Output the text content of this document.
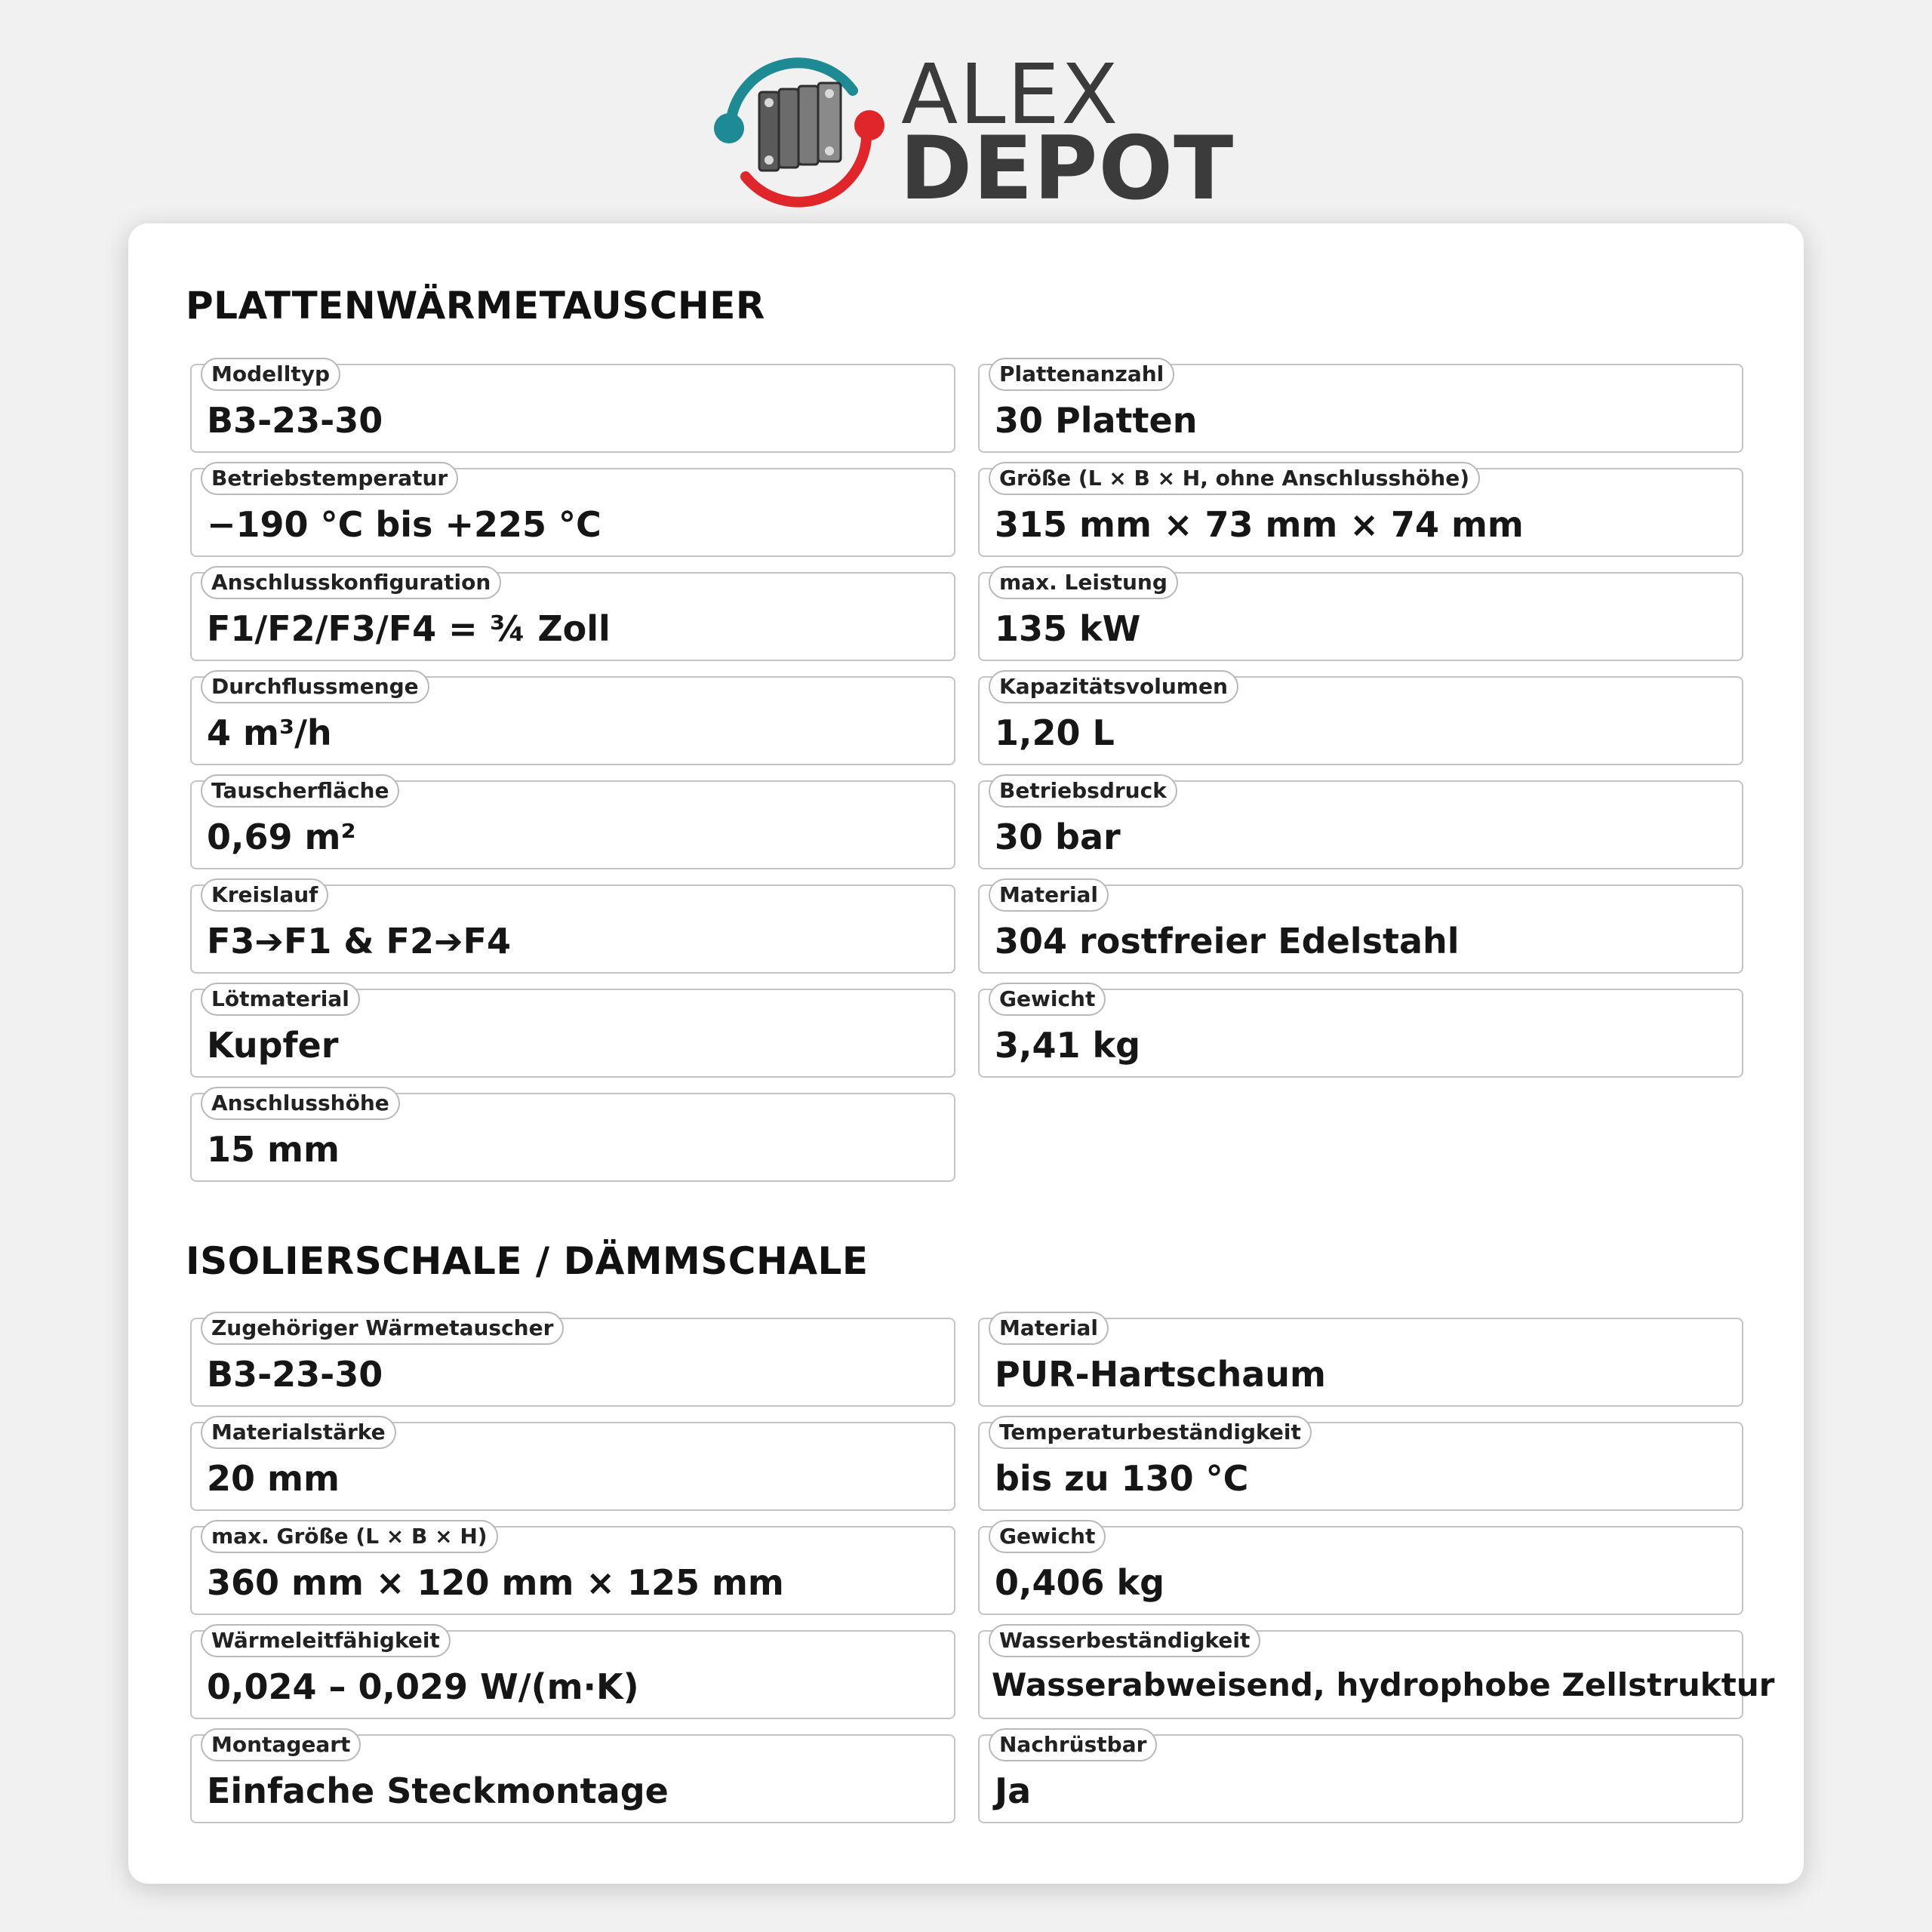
ALEX
DEPOT
PLATTENWÄRMETAUSCHER
Modelltyp
B3-23-30
Plattenanzahl
30 Platten
Betriebstemperatur
−190 °C bis +225 °C
Größe (L × B × H, ohne Anschlusshöhe)
315 mm × 73 mm × 74 mm
Anschlusskonfiguration
F1/F2/F3/F4 = ¾ Zoll
max. Leistung
135 kW
Durchflussmenge
4 m³/h
Kapazitätsvolumen
1,20 L
Tauscherfläche
0,69 m²
Betriebsdruck
30 bar
Kreislauf
F3➔F1 & F2➔F4
Material
304 rostfreier Edelstahl
Lötmaterial
Kupfer
Gewicht
3,41 kg
Anschlusshöhe
15 mm
ISOLIERSCHALE / DÄMMSCHALE
Zugehöriger Wärmetauscher
B3-23-30
Material
PUR-Hartschaum
Materialstärke
20 mm
Temperaturbeständigkeit
bis zu 130 °C
max. Größe (L × B × H)
360 mm × 120 mm × 125 mm
Gewicht
0,406 kg
Wärmeleitfähigkeit
0,024 – 0,029 W/(m·K)
Wasserbeständigkeit
Wasserabweisend, hydrophobe Zellstruktur
Montageart
Einfache Steckmontage
Nachrüstbar
Ja
